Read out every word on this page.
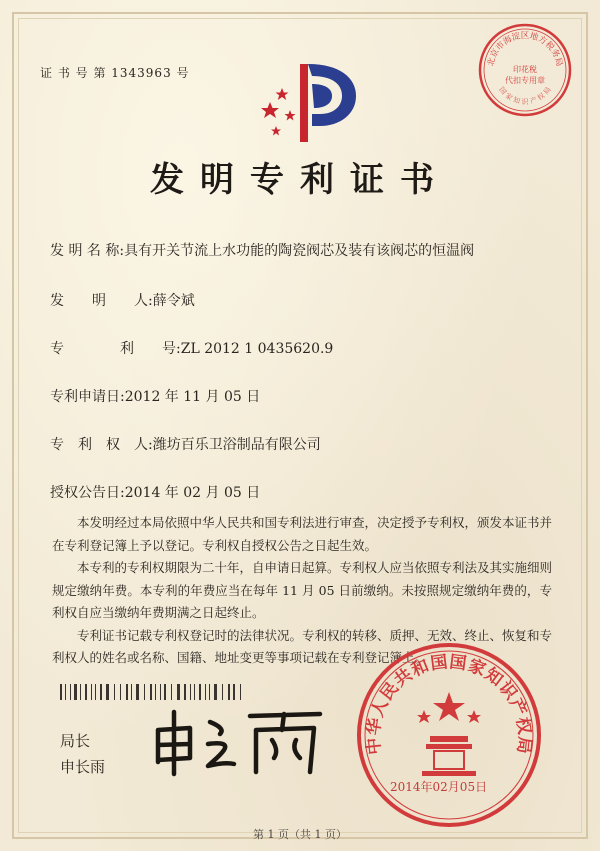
证 书 号 第 1343963 号
北京市海淀区地方税务局
印花税
代扣专用章
国 家 知 识 产 权 局
发明专利证书
发 明 名 称:具有开关节流上水功能的陶瓷阀芯及装有该阀芯的恒温阀
发　　明　　人:薛令斌
专　　　　利　　号:ZL 2012 1 0435620.9
专利申请日:2012 年 11 月 05 日
专　利　权　人:潍坊百乐卫浴制品有限公司
授权公告日:2014 年 02 月 05 日

本发明经过本局依照中华人民共和国专利法进行审查，决定授予专利权，颁发本证书并在专利登记簿上予以登记。专利权自授权公告之日起生效。

本专利的专利权期限为二十年，自申请日起算。专利权人应当依照专利法及其实施细则规定缴纳年费。本专利的年费应当在每年 11 月 05 日前缴纳。未按照规定缴纳年费的，专利权自应当缴纳年费期满之日起终止。

专利证书记载专利权登记时的法律状况。专利权的转移、质押、无效、终止、恢复和专利权人的姓名或名称、国籍、地址变更等事项记载在专利登记簿上。

局长
申长雨
中华人民共和国国家知识产权局
2014年02月05日
第 1 页（共 1 页）
